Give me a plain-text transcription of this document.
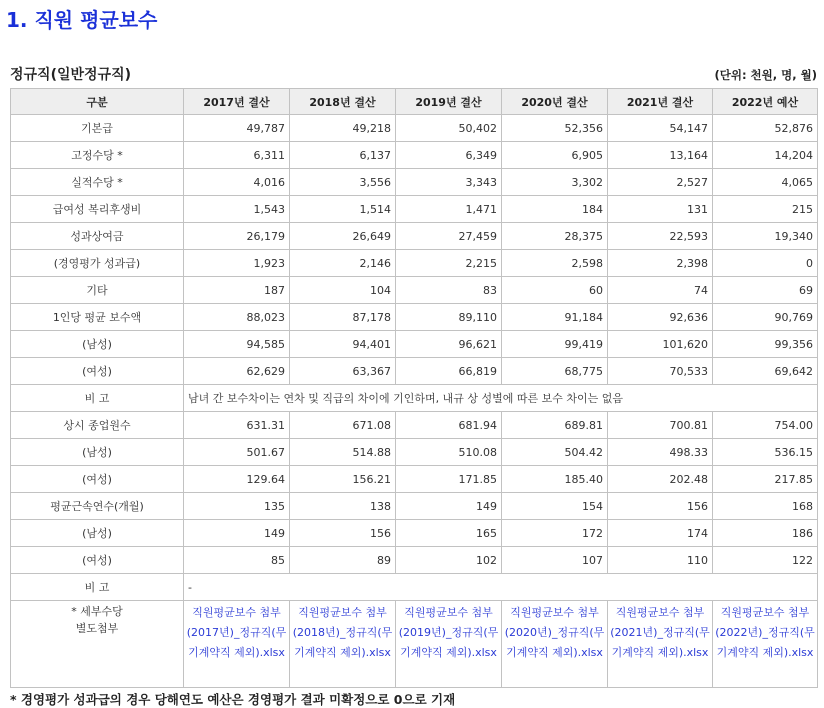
1. 직원 평균보수
정규직(일반정규직)	(단위: 천원, 명, 월)
구분	2017년 결산	2018년 결산	2019년 결산	2020년 결산	2021년 결산	2022년 예산
기본급	49,787	49,218	50,402	52,356	54,147	52,876
고정수당 *	6,311	6,137	6,349	6,905	13,164	14,204
실적수당 *	4,016	3,556	3,343	3,302	2,527	4,065
급여성 복리후생비	1,543	1,514	1,471	184	131	215
성과상여금	26,179	26,649	27,459	28,375	22,593	19,340
(경영평가 성과급)	1,923	2,146	2,215	2,598	2,398	0
기타	187	104	83	60	74	69
1인당 평균 보수액	88,023	87,178	89,110	91,184	92,636	90,769
(남성)	94,585	94,401	96,621	99,419	101,620	99,356
(여성)	62,629	63,367	66,819	68,775	70,533	69,642
비 고	남녀 간 보수차이는 연차 및 직급의 차이에 기인하며, 내규 상 성별에 따른 보수 차이는 없음					
상시 종업원수	631.31	671.08	681.94	689.81	700.81	754.00
(남성)	501.67	514.88	510.08	504.42	498.33	536.15
(여성)	129.64	156.21	171.85	185.40	202.48	217.85
평균근속연수(개월)	135	138	149	154	156	168
(남성)	149	156	165	172	174	186
(여성)	85	89	102	107	110	122
비 고	-					

* 세부수당
별도첨부	직원평균보수 첨부(2017년)_정규직(무기계약직 제외).xlsx	직원평균보수 첨부(2018년)_정규직(무기계약직 제외).xlsx	직원평균보수 첨부(2019년)_정규직(무기계약직 제외).xlsx	직원평균보수 첨부(2020년)_정규직(무기계약직 제외).xlsx	직원평균보수 첨부(2021년)_정규직(무기계약직 제외).xlsx	직원평균보수 첨부(2022년)_정규직(무기계약직 제외).xlsx
* 경영평가 성과급의 경우 당해연도 예산은 경영평가 결과 미확정으로 0으로 기재
